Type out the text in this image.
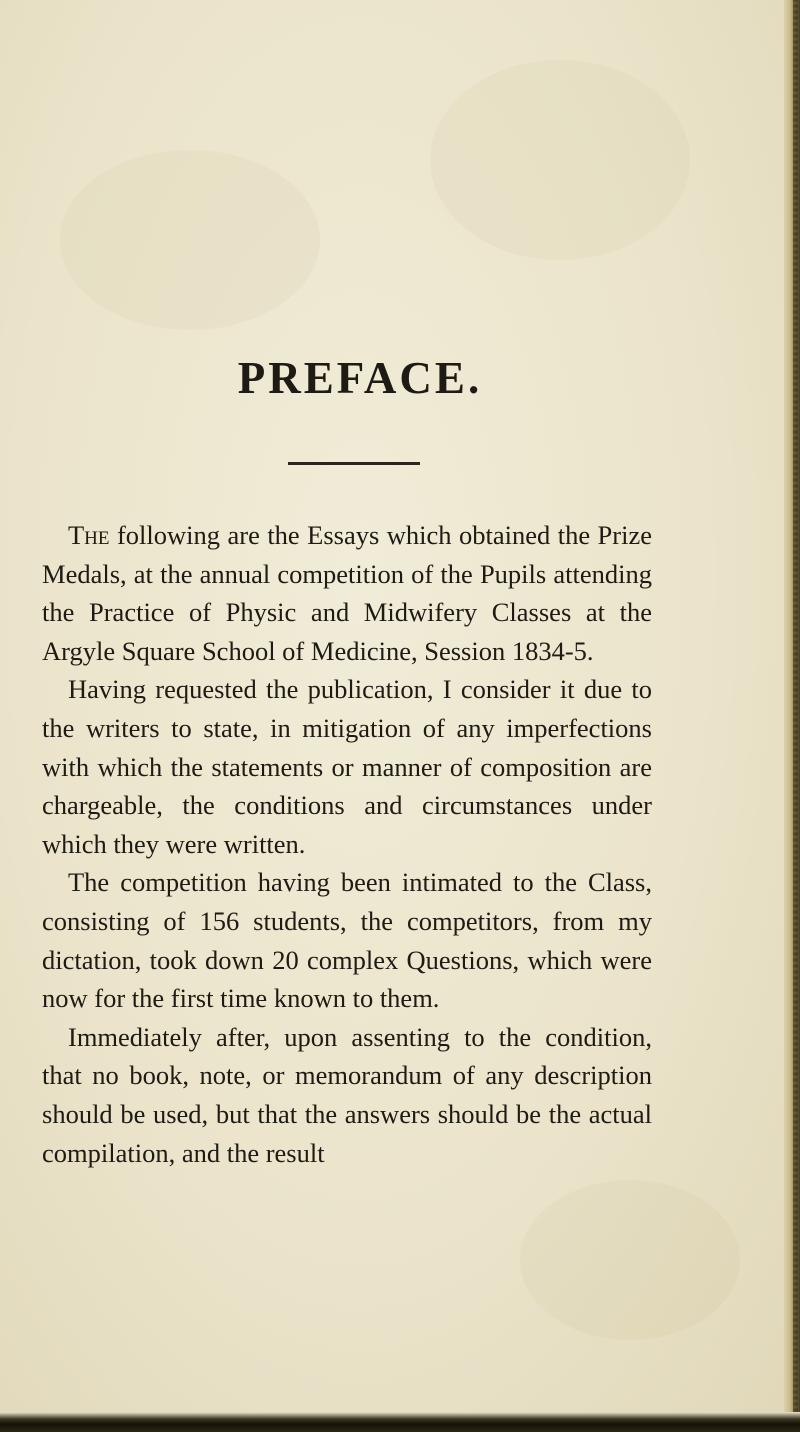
PREFACE.

The following are the Essays which obtained the Prize Medals, at the annual competition of the Pupils attending the Practice of Physic and Midwifery Classes at the Argyle Square School of Medicine, Session 1834-5.

Having requested the publication, I consider it due to the writers to state, in mitigation of any imperfections with which the statements or manner of composition are chargeable, the conditions and circumstances under which they were written.

The competition having been intimated to the Class, consisting of 156 students, the competitors, from my dictation, took down 20 complex Questions, which were now for the first time known to them.

Immediately after, upon assenting to the condition, that no book, note, or memorandum of any description should be used, but that the answers should be the actual compilation, and the result
